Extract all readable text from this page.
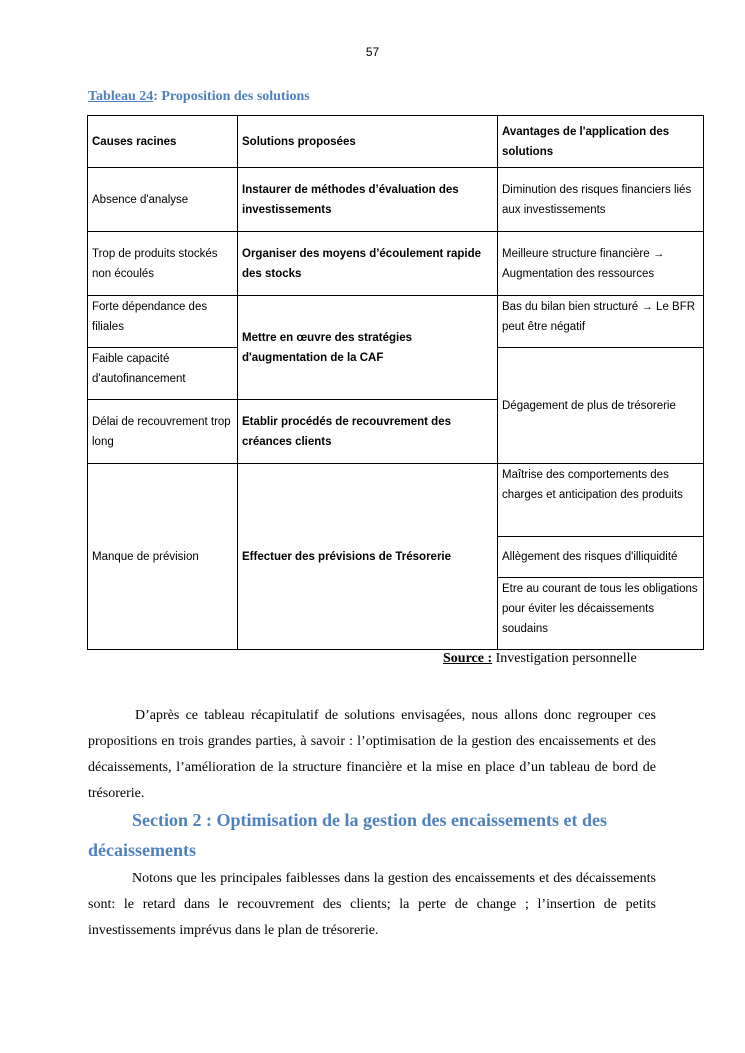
57
Tableau 24: Proposition des solutions
Causes racines	Solutions proposées	Avantages de l'application des solutions
Absence d'analyse	Instaurer de méthodes d’évaluation des investissements	Diminution des risques financiers liés aux investissements
Trop de produits stockés non écoulés	Organiser des moyens d’écoulement rapide des stocks	Meilleure structure financière → Augmentation des ressources
Forte dépendance des filiales	Mettre en œuvre des stratégies d'augmentation de la CAF	Bas du bilan bien structuré → Le BFR peut être négatif
Faible capacité d'autofinancement		Dégagement de plus de trésorerie
Délai de recouvrement trop long	Etablir procédés de recouvrement des créances clients	
Manque de prévision	Effectuer des prévisions de Trésorerie	Maîtrise des comportements des charges et anticipation des produits
		Allègement des risques d'illiquidité
		Etre au courant de tous les obligations pour éviter les décaissements soudains
Source : Investigation personnelle

D’après ce tableau récapitulatif de solutions envisagées, nous allons donc regrouper ces propositions en trois grandes parties, à savoir : l’optimisation de la gestion des encaissements et des décaissements, l’amélioration de la structure financière et la mise en place d’un tableau de bord de trésorerie.

Section 2 : Optimisation de la gestion des encaissements et des décaissements

Notons que les principales faiblesses dans la gestion des encaissements et des décaissements sont: le retard dans le recouvrement des clients; la perte de change ; l’insertion de petits investissements imprévus dans le plan de trésorerie.
